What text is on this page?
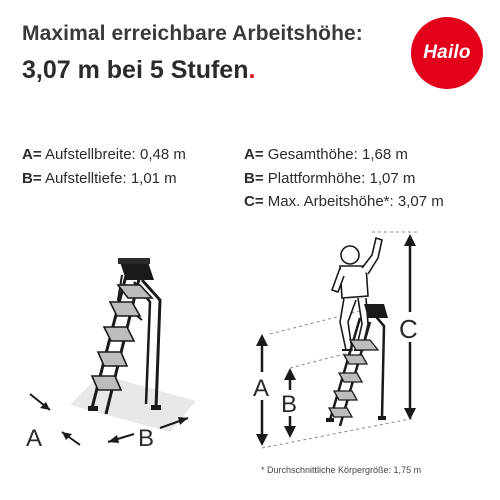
Maximal erreichbare Arbeitshöhe:
3,07 m bei 5 Stufen.
Hailo
A= Aufstellbreite: 0,48 m
B= Aufstelltiefe: 1,01 m
A= Gesamthöhe: 1,68 m
B= Plattformhöhe: 1,07 m
C= Max. Arbeitshöhe*: 3,07 m
A	B
A
B
C
* Durchschnittliche Körpergröße: 1,75 m
